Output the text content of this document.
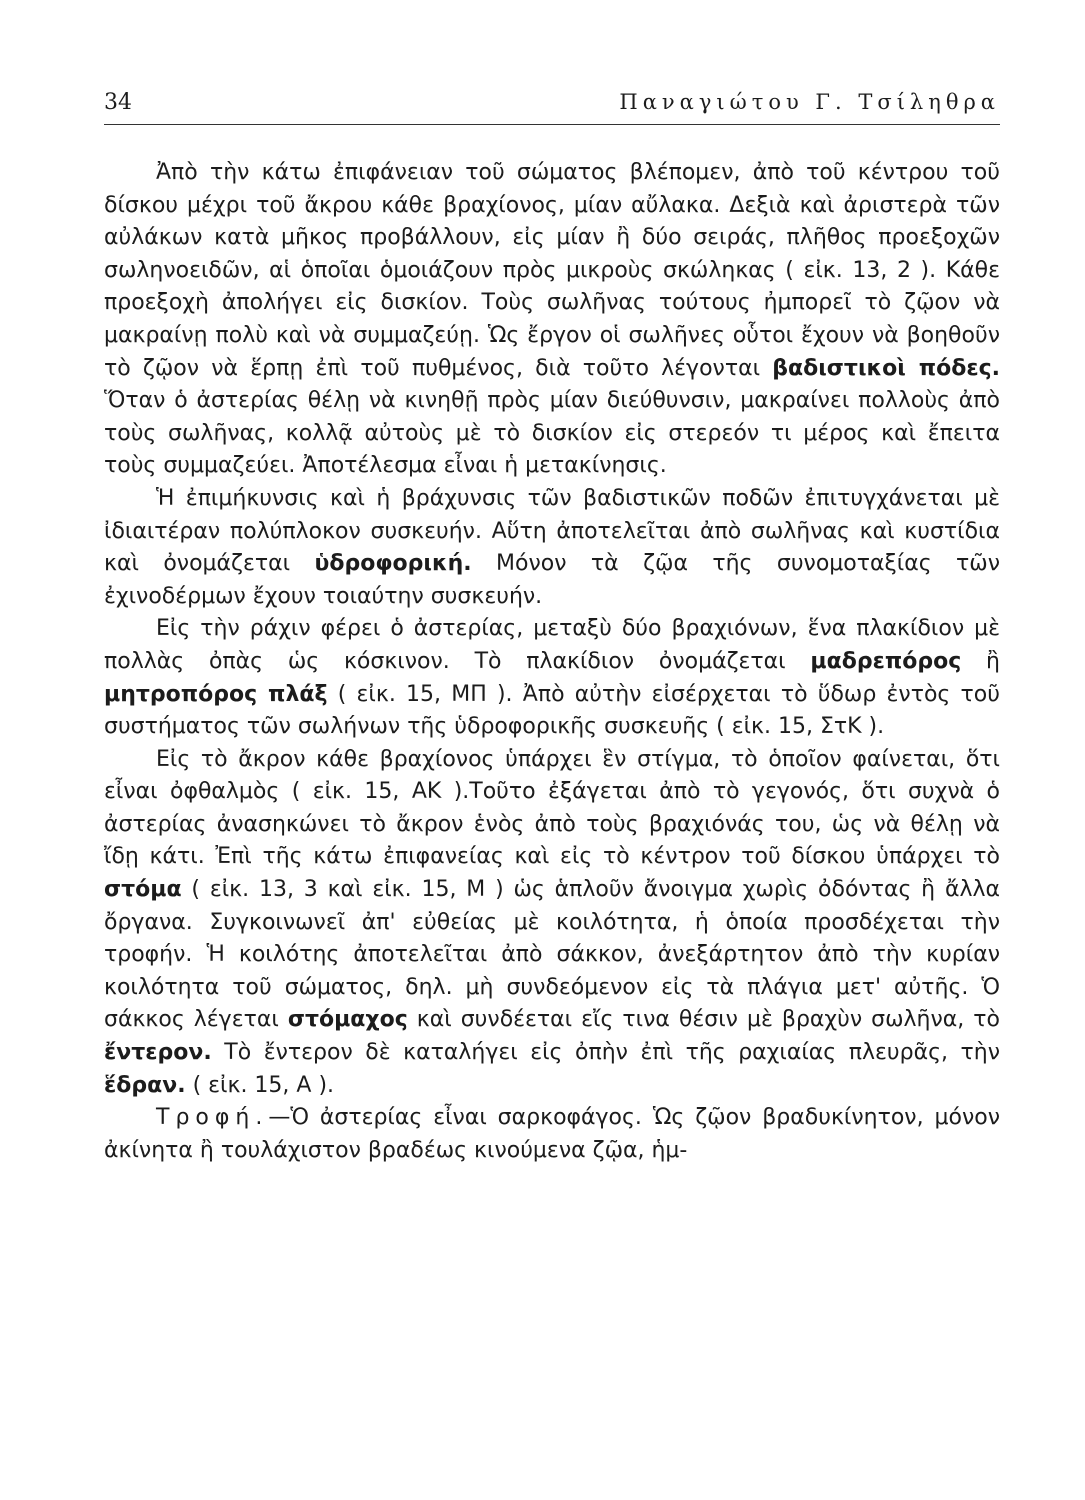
34	Παναγιώτου Γ. Τσίληθρα

Ἀπὸ τὴν κάτω ἐπιφάνειαν τοῦ σώματος βλέπομεν, ἀπὸ τοῦ κέντρου τοῦ δίσκου μέχρι τοῦ ἄκρου κάθε βραχίονος, μίαν αὔλακα. Δεξιὰ καὶ ἀριστερὰ τῶν αὐλάκων κατὰ μῆκος προβάλλουν, εἰς μίαν ἢ δύο σειράς, πλῆθος προεξοχῶν σωληνοειδῶν, αἱ ὁποῖαι ὁμοιάζουν πρὸς μικροὺς σκώληκας ( εἰκ. 13, 2 ). Κάθε προεξοχὴ ἀπολήγει εἰς δισκίον. Τοὺς σωλῆνας τούτους ἠμπορεῖ τὸ ζῷον νὰ μακραίνῃ πολὺ καὶ νὰ συμμαζεύῃ. Ὡς ἔργον οἱ σωλῆνες οὗτοι ἔχουν νὰ βοηθοῦν τὸ ζῷον νὰ ἕρπῃ ἐπὶ τοῦ πυθμένος, διὰ τοῦτο λέγονται βαδιστικοὶ πόδες. Ὅταν ὁ ἀστερίας θέλῃ νὰ κινηθῇ πρὸς μίαν διεύθυνσιν, μακραίνει πολλοὺς ἀπὸ τοὺς σωλῆνας, κολλᾷ αὐτοὺς μὲ τὸ δισκίον εἰς στερεόν τι μέρος καὶ ἔπειτα τοὺς συμμαζεύει. Ἀποτέλεσμα εἶναι ἡ μετακίνησις.

Ἡ ἐπιμήκυνσις καὶ ἡ βράχυνσις τῶν βαδιστικῶν ποδῶν ἐπιτυγχάνεται μὲ ἰδιαιτέραν πολύπλοκον συσκευήν. Αὕτη ἀποτελεῖται ἀπὸ σωλῆνας καὶ κυστίδια καὶ ὀνομάζεται ὑδροφορική. Μόνον τὰ ζῷα τῆς συνομοταξίας τῶν ἐχινοδέρμων ἔχουν τοιαύτην συσκευήν.

Εἰς τὴν ράχιν φέρει ὁ ἀστερίας, μεταξὺ δύο βραχιόνων, ἕνα πλακίδιον μὲ πολλὰς ὀπὰς ὡς κόσκινον. Τὸ πλακίδιον ὀνομάζεται μαδρεπόρος ἢ μητροπόρος πλάξ ( εἰκ. 15, ΜΠ ). Ἀπὸ αὐτὴν εἰσέρχεται τὸ ὕδωρ ἐντὸς τοῦ συστήματος τῶν σωλήνων τῆς ὑδροφορικῆς συσκευῆς ( εἰκ. 15, ΣτΚ ).

Εἰς τὸ ἄκρον κάθε βραχίονος ὑπάρχει ἓν στίγμα, τὸ ὁποῖον φαίνεται, ὅτι εἶναι ὀφθαλμὸς ( εἰκ. 15, ΑΚ ).Τοῦτο ἐξάγεται ἀπὸ τὸ γεγονός, ὅτι συχνὰ ὁ ἀστερίας ἀνασηκώνει τὸ ἄκρον ἑνὸς ἀπὸ τοὺς βραχιόνάς του, ὡς νὰ θέλῃ νὰ ἴδῃ κάτι. Ἐπὶ τῆς κάτω ἐπιφανείας καὶ εἰς τὸ κέντρον τοῦ δίσκου ὑπάρχει τὸ στόμα ( εἰκ. 13, 3 καὶ εἰκ. 15, Μ ) ὡς ἁπλοῦν ἄνοιγμα χωρὶς ὀδόντας ἢ ἄλλα ὄργανα. Συγκοινωνεῖ ἀπ' εὐθείας μὲ κοιλότητα, ἡ ὁποία προσδέχεται τὴν τροφήν. Ἡ κοιλότης ἀποτελεῖται ἀπὸ σάκκον, ἀνεξάρτητον ἀπὸ τὴν κυρίαν κοιλότητα τοῦ σώματος, δηλ. μὴ συνδεόμενον εἰς τὰ πλάγια μετ' αὐτῆς. Ὁ σάκκος λέγεται στόμαχος καὶ συνδέεται εἴς τινα θέσιν μὲ βραχὺν σωλῆνα, τὸ ἔντερον. Τὸ ἔντερον δὲ καταλήγει εἰς ὀπὴν ἐπὶ τῆς ραχιαίας πλευρᾶς, τὴν ἕδραν. ( εἰκ. 15, Α ).

Τροφή.—Ὁ ἀστερίας εἶναι σαρκοφάγος. Ὡς ζῷον βραδυκίνητον, μόνον ἀκίνητα ἢ τουλάχιστον βραδέως κινούμενα ζῷα, ἡμ-
